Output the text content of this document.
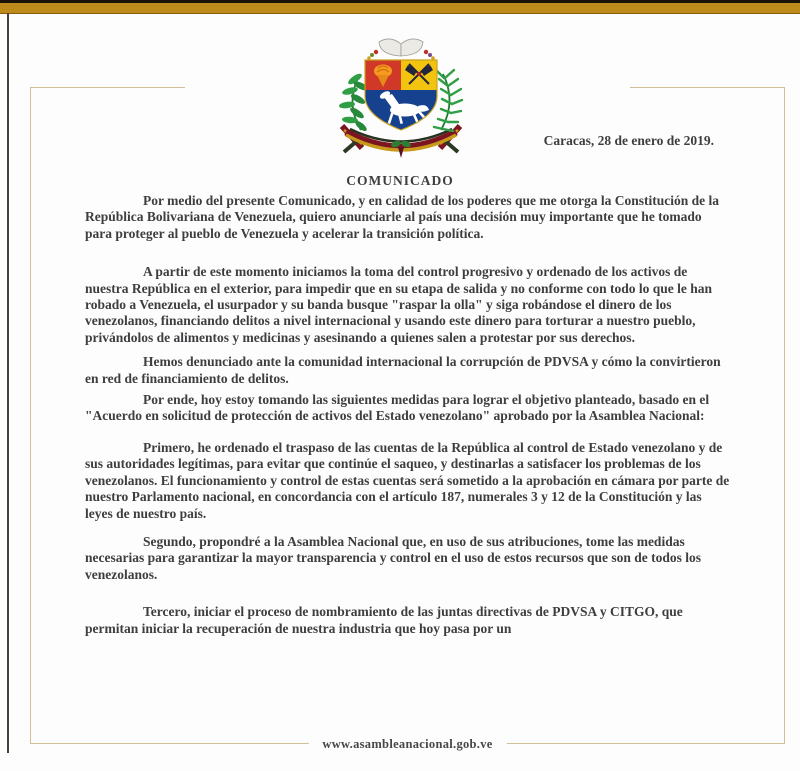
www.asambleanacional.gob.ve
Caracas, 28 de enero de 2019.
COMUNICADO

Por medio del presente Comunicado, y en calidad de los poderes que me otorga la Constitución de la República Bolivariana de Venezuela, quiero anunciarle al país una decisión muy importante que he tomado para proteger al pueblo de Venezuela y acelerar la transición política.

A partir de este momento iniciamos la toma del control progresivo y ordenado de los activos de nuestra República en el exterior, para impedir que en su etapa de salida y no conforme con todo lo que le han robado a Venezuela, el usurpador y su banda busque "raspar la olla" y siga robándose el dinero de los venezolanos, financiando delitos a nivel internacional y usando este dinero para torturar a nuestro pueblo, privándolos de alimentos y medicinas y asesinando a quienes salen a protestar por sus derechos.

Hemos denunciado ante la comunidad internacional la corrupción de PDVSA y cómo la convirtieron en red de financiamiento de delitos.

Por ende, hoy estoy tomando las siguientes medidas para lograr el objetivo planteado, basado en el "Acuerdo en solicitud de protección de activos del Estado venezolano" aprobado por la Asamblea Nacional:

Primero, he ordenado el traspaso de las cuentas de la República al control de Estado venezolano y de sus autoridades legítimas, para evitar que continúe el saqueo, y destinarlas a satisfacer los problemas de los venezolanos. El funcionamiento y control de estas cuentas será sometido a la aprobación en cámara por parte de nuestro Parlamento nacional, en concordancia con el artículo 187, numerales 3 y 12 de la Constitución y las leyes de nuestro país.

Segundo, propondré a la Asamblea Nacional que, en uso de sus atribuciones, tome las medidas necesarias para garantizar la mayor transparencia y control en el uso de estos recursos que son de todos los venezolanos.

Tercero, iniciar el proceso de nombramiento de las juntas directivas de PDVSA y CITGO, que permitan iniciar la recuperación de nuestra industria que hoy pasa por un
